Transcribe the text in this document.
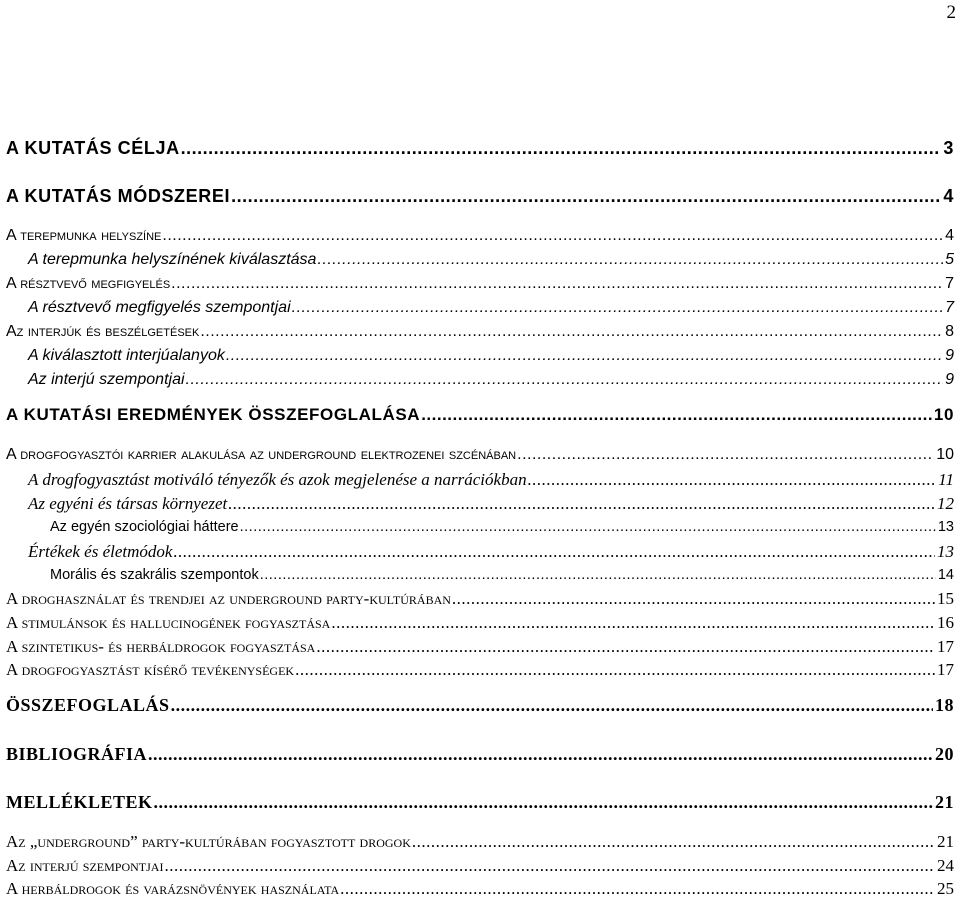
2
A KUTATÁS CÉLJA .....	3
A KUTATÁS MÓDSZEREI .....	4
A terepmunka helyszíne .....	4
A terepmunka helyszínének kiválasztása .....	5
A résztvevő megfigyelés .....	7
A résztvevő megfigyelés szempontjai .....	7
Az interjúk és beszélgetések .....	8
A kiválasztott interjúalanyok .....	9
Az interjú szempontjai .....	9
A KUTATÁSI EREDMÉNYEK ÖSSZEFOGLALÁSA .....	10
A drogfogyasztói karrier alakulása az underground elektrozenei szcénában .....	10
A drogfogyasztást motiváló tényezők és azok megjelenése a narrációkban .....	11
Az egyéni és társas környezet .....	12
Az egyén szociológiai háttere .....	13
Értékek és életmódok .....	13
Morális és szakrális szempontok .....	14
A droghasználat és trendjei az underground party-kultúrában .....	15
A stimulánsok és hallucinogének fogyasztása .....	16
A szintetikus- és herbáldrogok fogyasztása .....	17
A drogfogyasztást kísérő tevékenységek .....	17
ÖSSZEFOGLALÁS .....	18
BIBLIOGRÁFIA .....	20
MELLÉKLETEK .....	21
Az „underground” party-kultúrában fogyasztott drogok .....	21
Az interjú szempontjai .....	24
A herbáldrogok és varázsnövények használata .....	25
